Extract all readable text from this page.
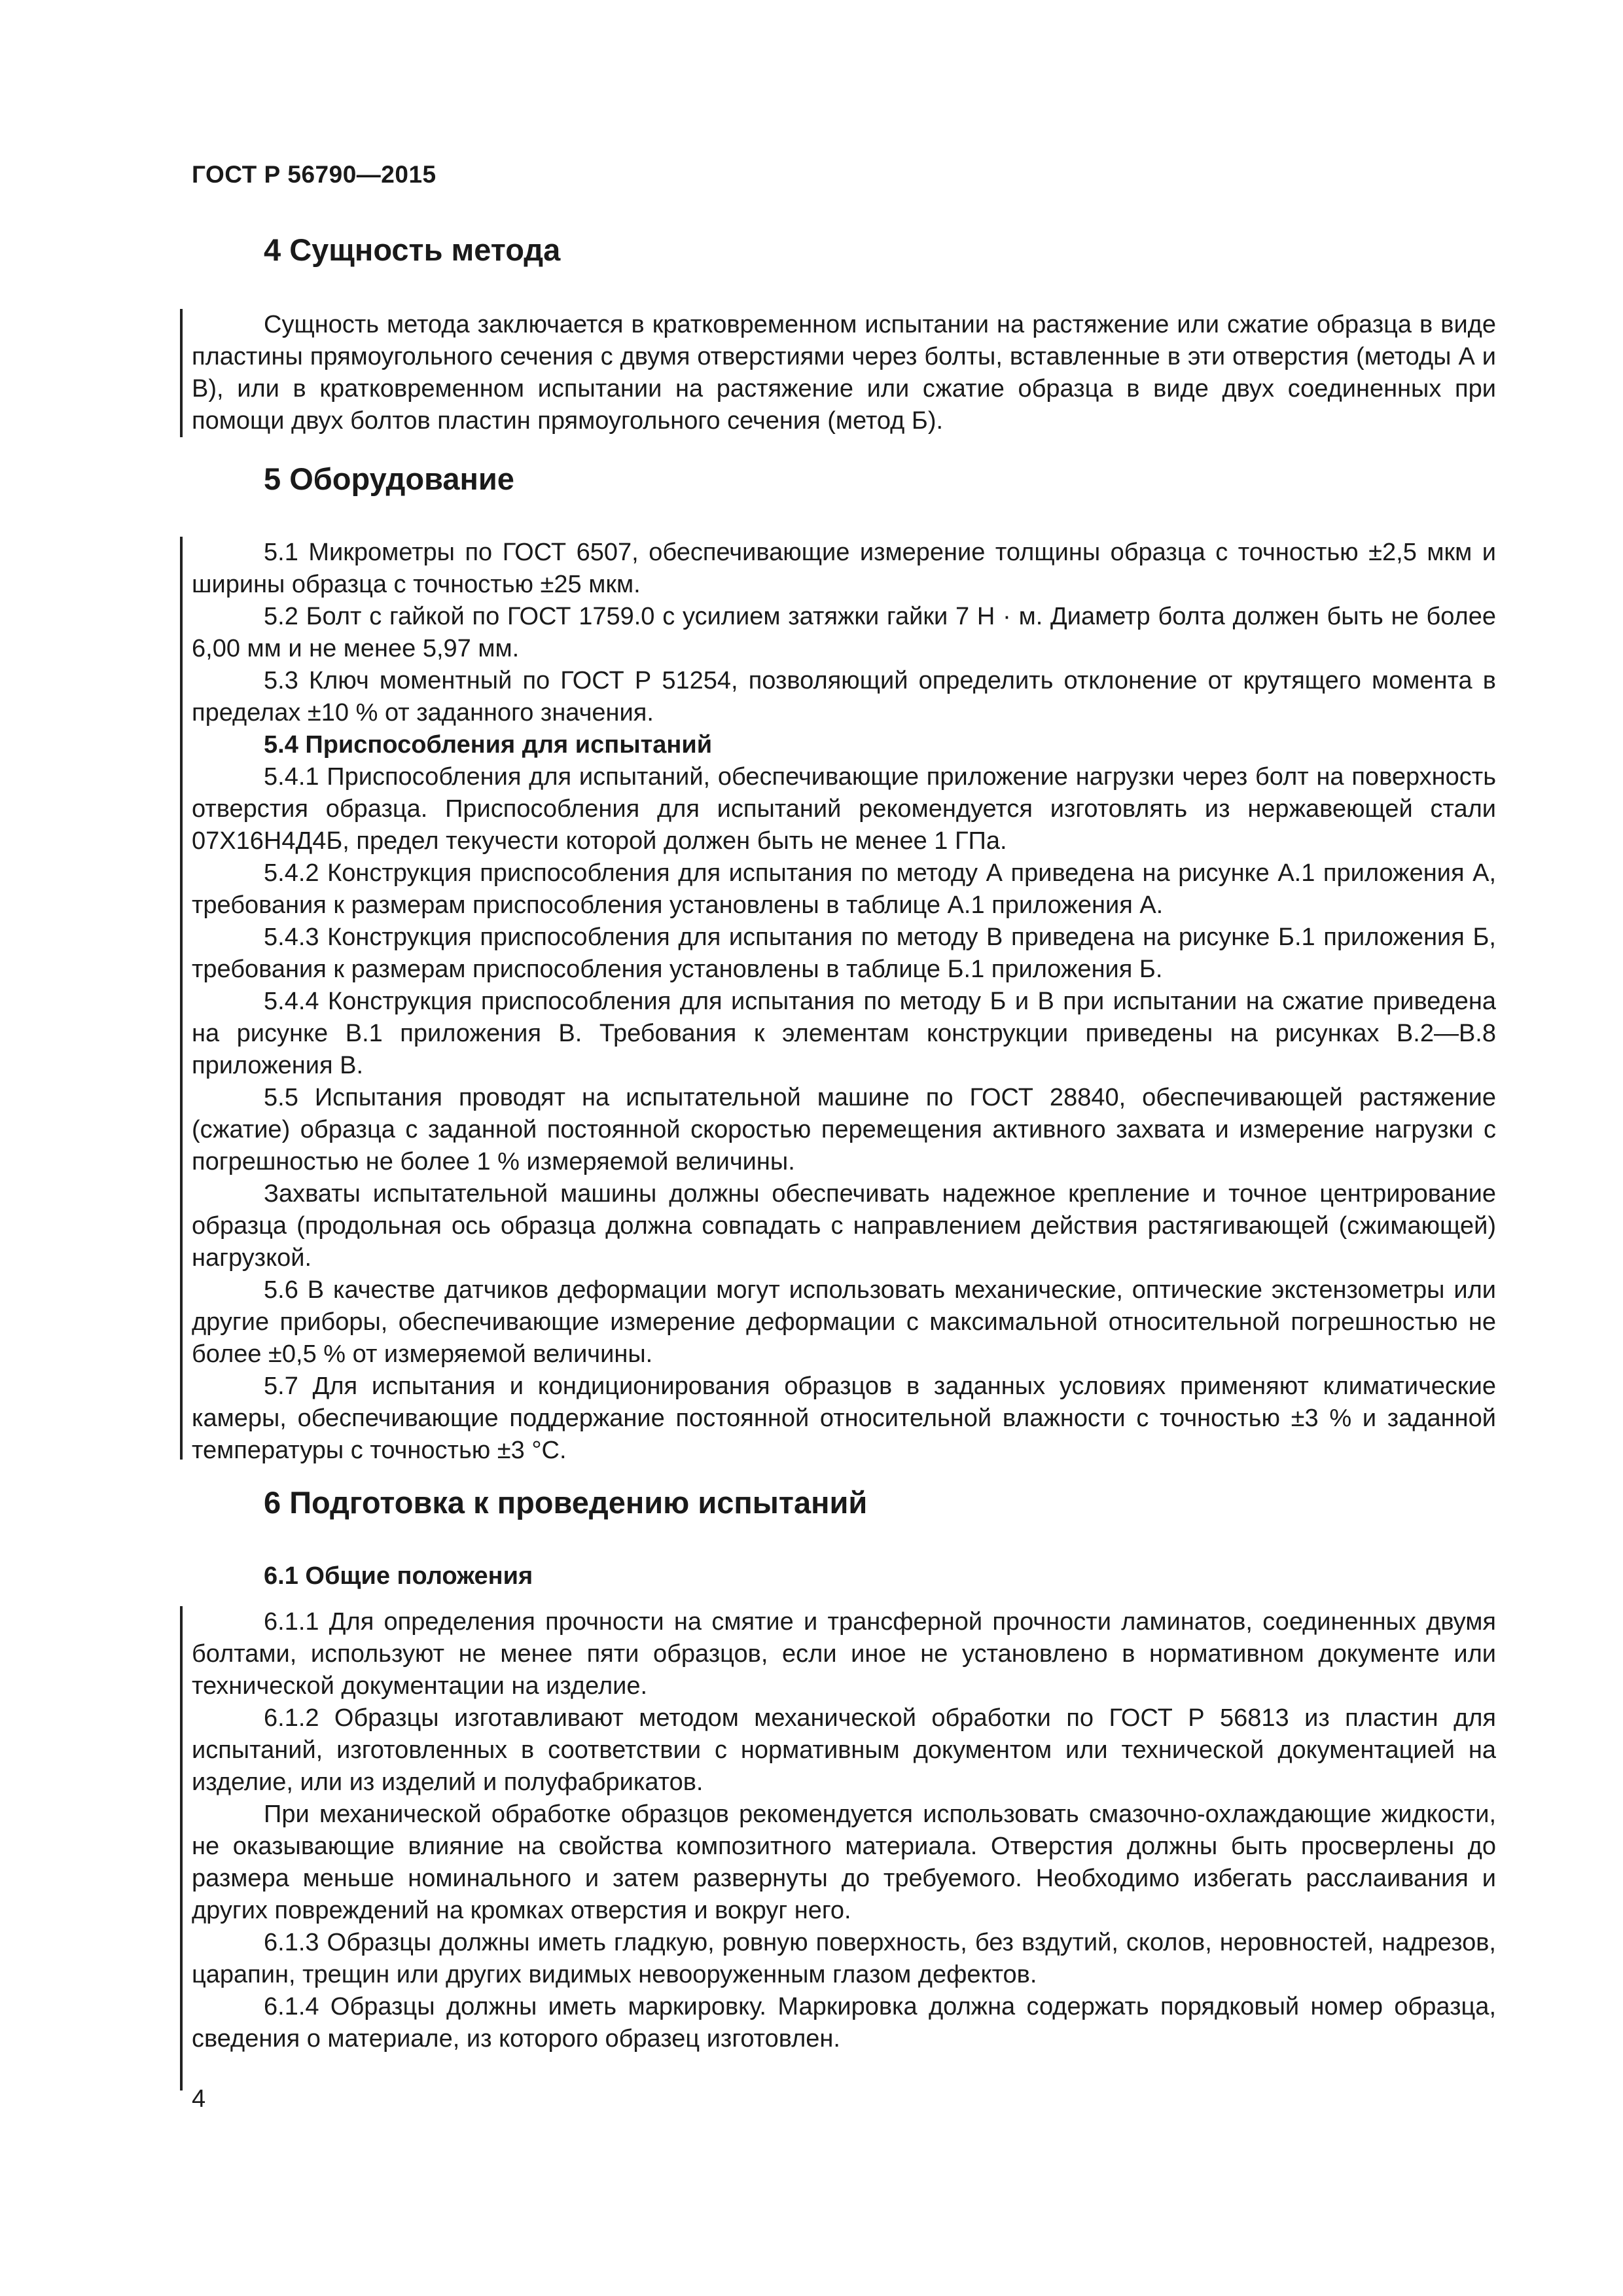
ГОСТ Р 56790—2015
4 Сущность метода

Сущность метода заключается в кратковременном испытании на растяжение или сжатие образца в виде пластины прямоугольного сечения с двумя отверстиями через болты, вставленные в эти отверстия (методы А и В), или в кратковременном испытании на растяжение или сжатие образца в виде двух соединенных при помощи двух болтов пластин прямоугольного сечения (метод Б).

5 Оборудование

5.1 Микрометры по ГОСТ 6507, обеспечивающие измерение толщины образца с точностью ±2,5 мкм и ширины образца с точностью ±25 мкм.

5.2 Болт с гайкой по ГОСТ 1759.0 с усилием затяжки гайки 7 Н · м. Диаметр болта должен быть не более 6,00 мм и не менее 5,97 мм.

5.3 Ключ моментный по ГОСТ Р 51254, позволяющий определить отклонение от крутящего момента в пределах ±10 % от заданного значения.

5.4 Приспособления для испытаний

5.4.1 Приспособления для испытаний, обеспечивающие приложение нагрузки через болт на поверхность отверстия образца. Приспособления для испытаний рекомендуется изготовлять из нержавеющей стали 07Х16Н4Д4Б, предел текучести которой должен быть не менее 1 ГПа.

5.4.2 Конструкция приспособления для испытания по методу А приведена на рисунке А.1 приложения А, требования к размерам приспособления установлены в таблице А.1 приложения А.

5.4.3 Конструкция приспособления для испытания по методу В приведена на рисунке Б.1 приложения Б, требования к размерам приспособления установлены в таблице Б.1 приложения Б.

5.4.4 Конструкция приспособления для испытания по методу Б и В при испытании на сжатие приведена на рисунке В.1 приложения В. Требования к элементам конструкции приведены на рисунках В.2—В.8 приложения В.

5.5 Испытания проводят на испытательной машине по ГОСТ 28840, обеспечивающей растяжение (сжатие) образца с заданной постоянной скоростью перемещения активного захвата и измерение нагрузки с погрешностью не более 1 % измеряемой величины.

Захваты испытательной машины должны обеспечивать надежное крепление и точное центрирование образца (продольная ось образца должна совпадать с направлением действия растягивающей (сжимающей) нагрузкой.

5.6 В качестве датчиков деформации могут использовать механические, оптические экстензометры или другие приборы, обеспечивающие измерение деформации с максимальной относительной погрешностью не более ±0,5 % от измеряемой величины.

5.7 Для испытания и кондиционирования образцов в заданных условиях применяют климатические камеры, обеспечивающие поддержание постоянной относительной влажности с точностью ±3 % и заданной температуры с точностью ±3 °С.

6 Подготовка к проведению испытаний
6.1 Общие положения

6.1.1 Для определения прочности на смятие и трансферной прочности ламинатов, соединенных двумя болтами, используют не менее пяти образцов, если иное не установлено в нормативном документе или технической документации на изделие.

6.1.2 Образцы изготавливают методом механической обработки по ГОСТ Р 56813 из пластин для испытаний, изготовленных в соответствии с нормативным документом или технической документацией на изделие, или из изделий и полуфабрикатов.

При механической обработке образцов рекомендуется использовать смазочно-охлаждающие жидкости, не оказывающие влияние на свойства композитного материала. Отверстия должны быть просверлены до размера меньше номинального и затем развернуты до требуемого. Необходимо избегать расслаивания и других повреждений на кромках отверстия и вокруг него.

6.1.3 Образцы должны иметь гладкую, ровную поверхность, без вздутий, сколов, неровностей, надрезов, царапин, трещин или других видимых невооруженным глазом дефектов.

6.1.4 Образцы должны иметь маркировку. Маркировка должна содержать порядковый номер образца, сведения о материале, из которого образец изготовлен.

4
